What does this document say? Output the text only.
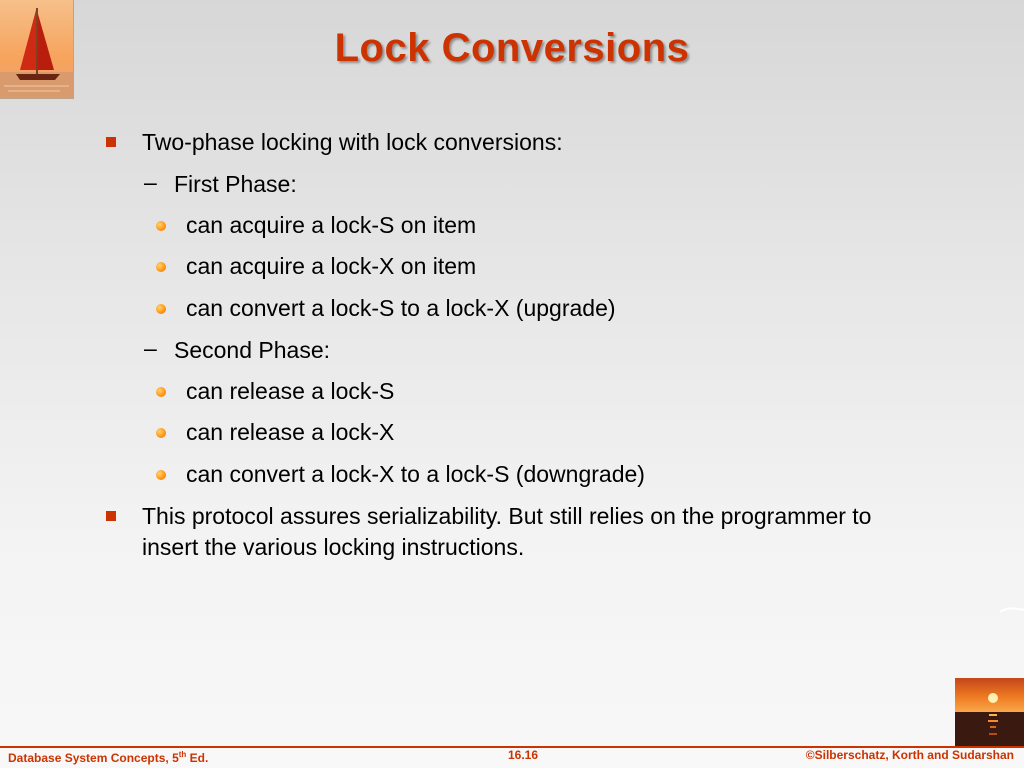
Lock Conversions
Two-phase locking with lock conversions:
– First Phase:
can acquire a lock-S on item
can acquire a lock-X on item
can convert a lock-S to a lock-X (upgrade)
– Second Phase:
can release a lock-S
can release a lock-X
can convert a lock-X to a lock-S (downgrade)
This protocol assures serializability. But still relies on the programmer to
insert the various locking instructions.
Database System Concepts, 5th Ed.	16.16	©Silberschatz, Korth and Sudarshan
